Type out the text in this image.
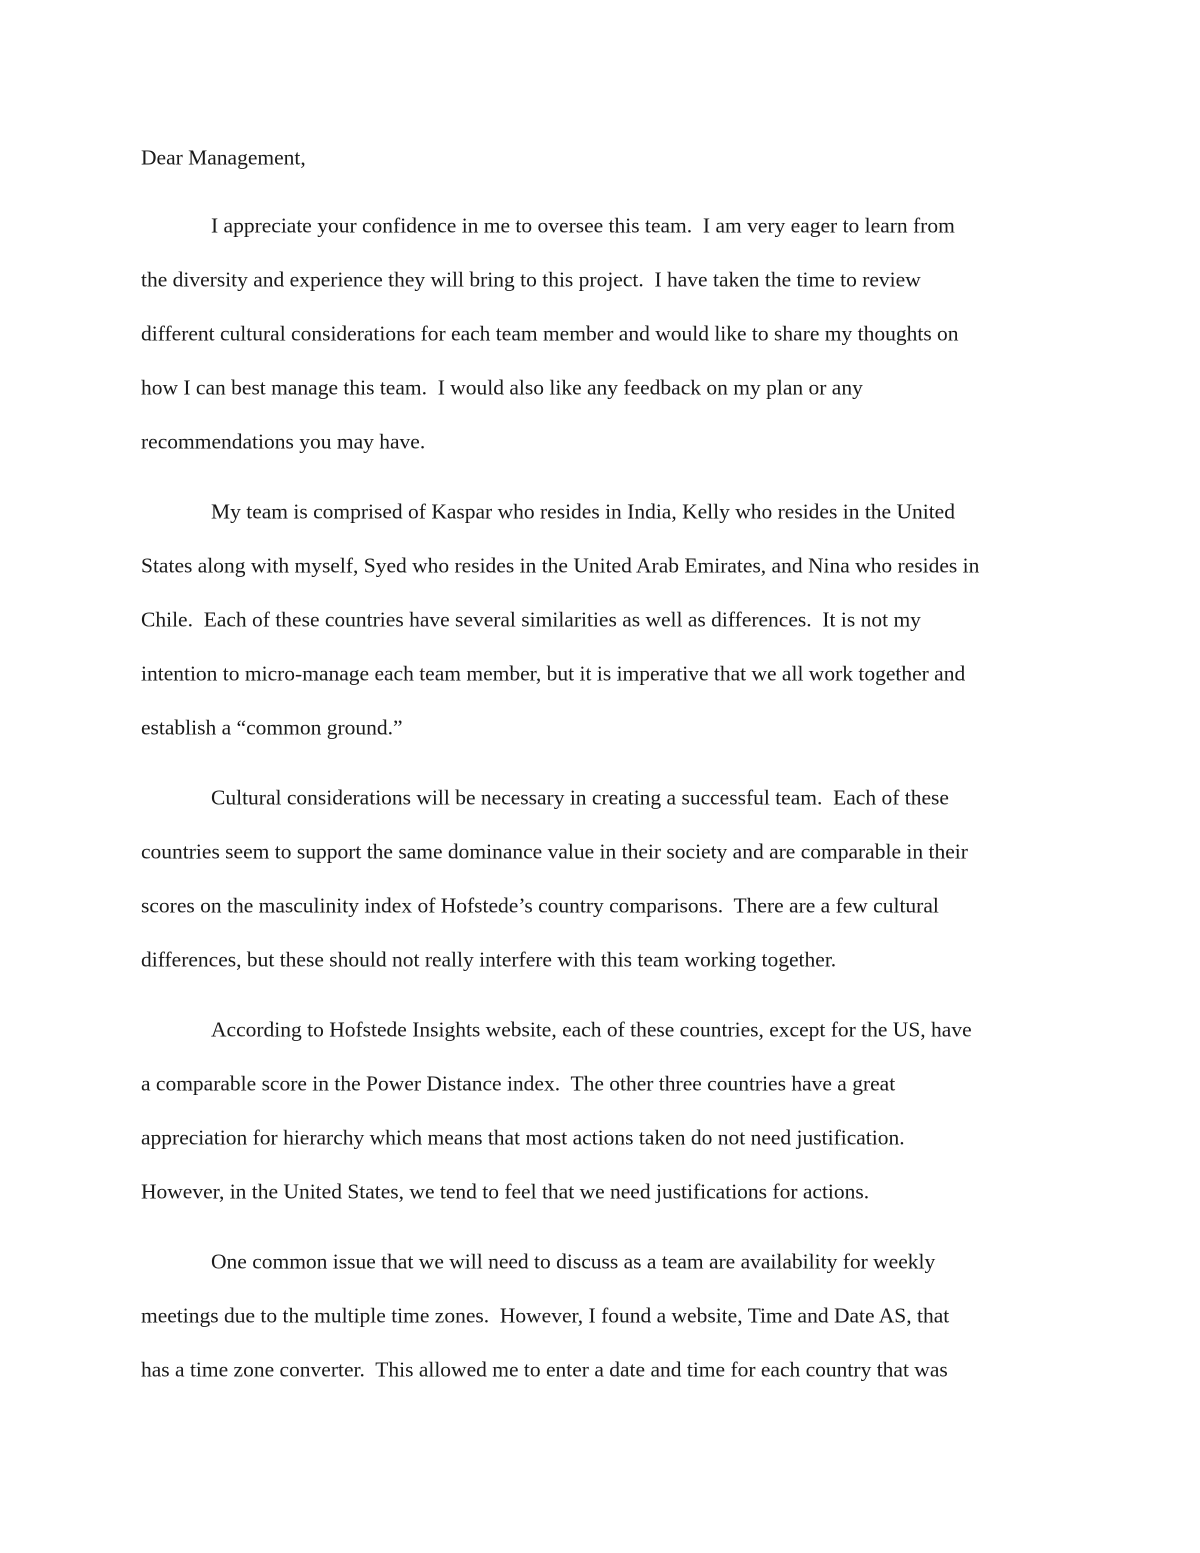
Dear Management,

I appreciate your confidence in me to oversee this team.  I am very eager to learn from

the diversity and experience they will bring to this project.  I have taken the time to review

different cultural considerations for each team member and would like to share my thoughts on

how I can best manage this team.  I would also like any feedback on my plan or any

recommendations you may have.

My team is comprised of Kaspar who resides in India, Kelly who resides in the United

States along with myself, Syed who resides in the United Arab Emirates, and Nina who resides in

Chile.  Each of these countries have several similarities as well as differences.  It is not my

intention to micro-manage each team member, but it is imperative that we all work together and

establish a “common ground.”

Cultural considerations will be necessary in creating a successful team.  Each of these

countries seem to support the same dominance value in their society and are comparable in their

scores on the masculinity index of Hofstede’s country comparisons.  There are a few cultural

differences, but these should not really interfere with this team working together.

According to Hofstede Insights website, each of these countries, except for the US, have

a comparable score in the Power Distance index.  The other three countries have a great

appreciation for hierarchy which means that most actions taken do not need justification.

However, in the United States, we tend to feel that we need justifications for actions.

One common issue that we will need to discuss as a team are availability for weekly

meetings due to the multiple time zones.  However, I found a website, Time and Date AS, that

has a time zone converter.  This allowed me to enter a date and time for each country that was
